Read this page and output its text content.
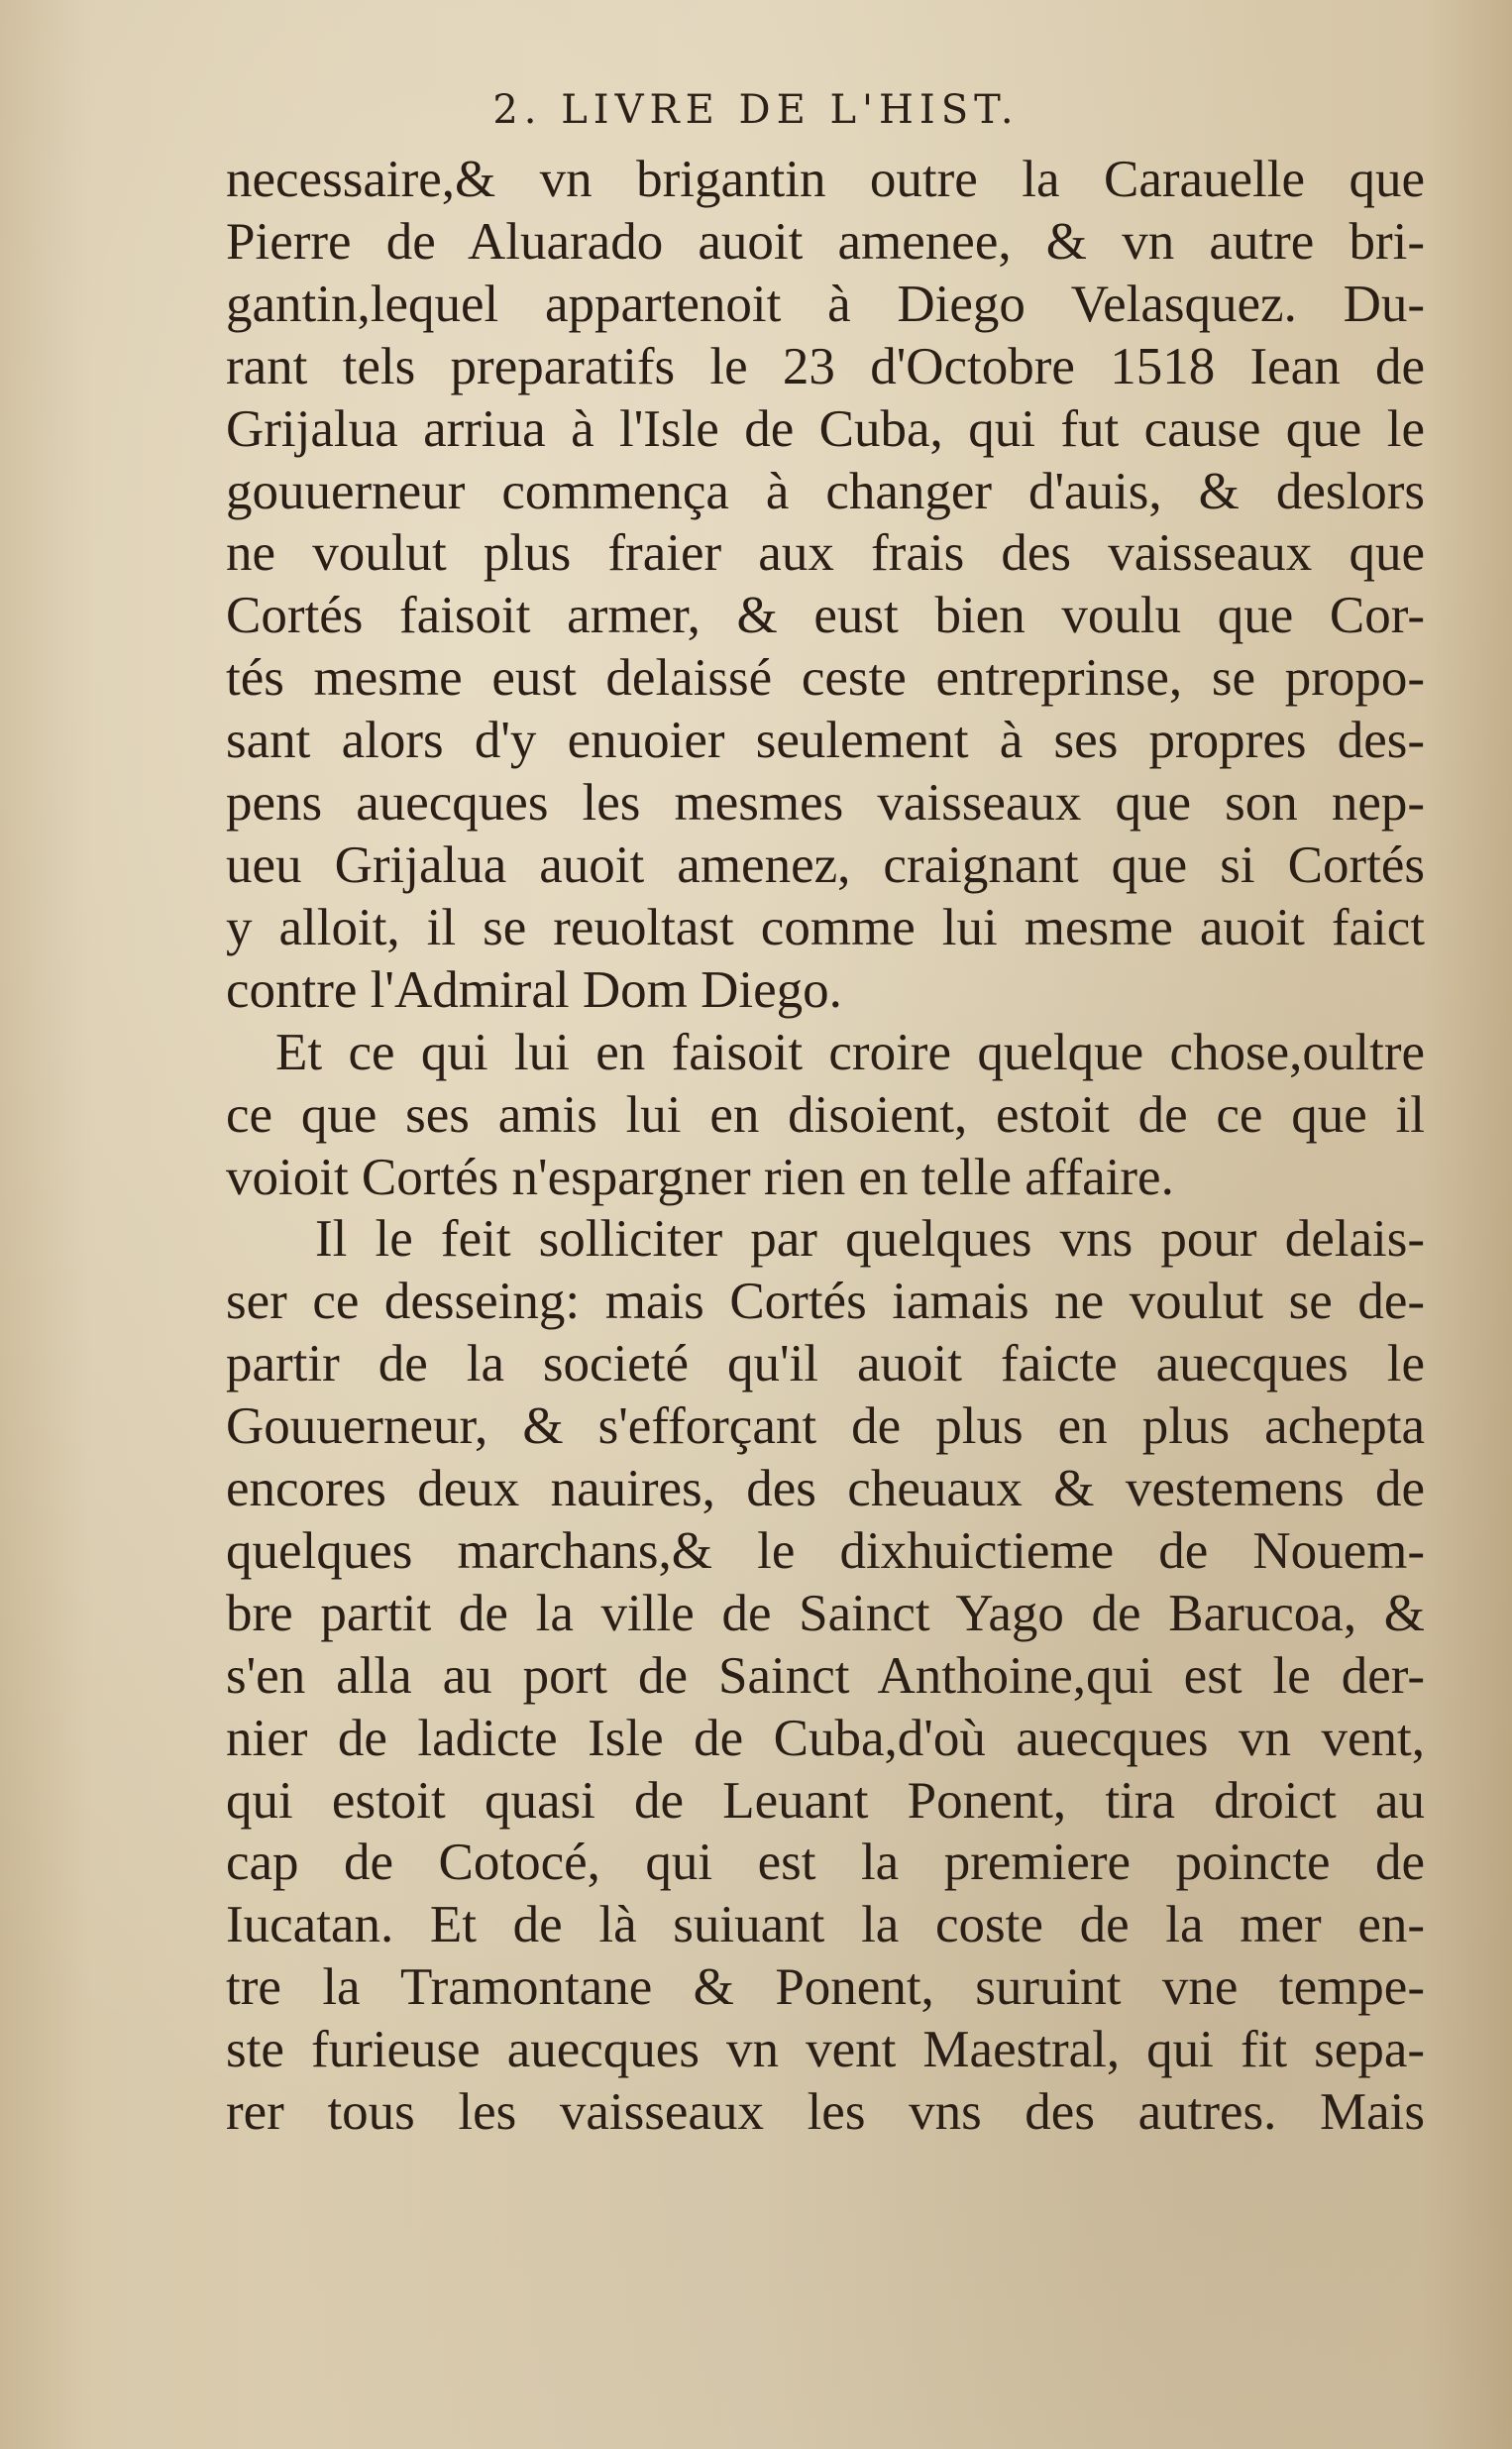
2. LIVRE DE L'HIST.
necessaire,& vn brigantin outre la Carauelle que
Pierre de Aluarado auoit amenee, & vn autre bri-
gantin,lequel appartenoit à Diego Velasquez. Du-
rant tels preparatifs le 23 d'Octobre 1518 Iean de
Grijalua arriua à l'Isle de Cuba, qui fut cause que le
gouuerneur commença à changer d'auis, & deslors
ne voulut plus fraier aux frais des vaisseaux que
Cortés faisoit armer, & eust bien voulu que Cor-
tés mesme eust delaissé ceste entreprinse, se propo-
sant alors d'y enuoier seulement à ses propres des-
pens auecques les mesmes vaisseaux que son nep-
ueu Grijalua auoit amenez, craignant que si Cortés
y alloit, il se reuoltast comme lui mesme auoit faict
contre l'Admiral Dom Diego.
Et ce qui lui en faisoit croire quelque chose,oultre
ce que ses amis lui en disoient, estoit de ce que il
voioit Cortés n'espargner rien en telle affaire.
Il le feit solliciter par quelques vns pour delais-
ser ce desseing: mais Cortés iamais ne voulut se de-
partir de la societé qu'il auoit faicte auecques le
Gouuerneur, & s'efforçant de plus en plus achepta
encores deux nauires, des cheuaux & vestemens de
quelques marchans,& le dixhuictieme de Nouem-
bre partit de la ville de Sainct Yago de Barucoa, &
s'en alla au port de Sainct Anthoine,qui est le der-
nier de ladicte Isle de Cuba,d'où auecques vn vent,
qui estoit quasi de Leuant Ponent, tira droict au
cap de Cotocé, qui est la premiere poincte de
Iucatan. Et de là suiuant la coste de la mer en-
tre la Tramontane & Ponent, suruint vne tempe-
ste furieuse auecques vn vent Maestral, qui fit sepa-
rer tous les vaisseaux les vns des autres. Mais
